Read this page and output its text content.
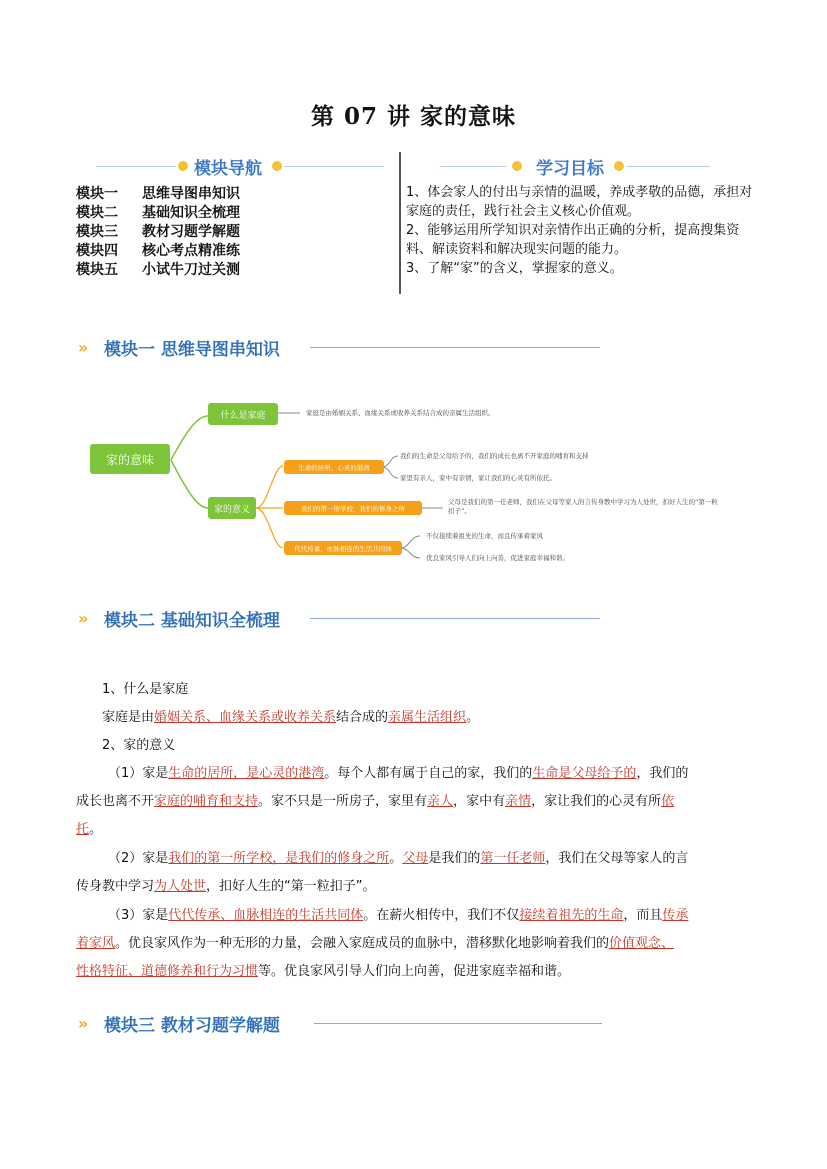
第 07 讲 家的意味
模块导航	学习目标
模块一 思维导图串知识
模块二 基础知识全梳理
模块三 教材习题学解题
模块四 核心考点精准练
模块五 小试牛刀过关测
1、体会家人的付出与亲情的温暖，养成孝敬的品德，承担对家庭的责任，践行社会主义核心价值观。
2、能够运用所学知识对亲情作出正确的分析，提高搜集资料、解读资料和解决现实问题的能力。
3、了解“家”的含义，掌握家的意义。
» 模块一 思维导图串知识
家的意味
什么是家庭	家庭是由婚姻关系、血缘关系或收养关系结合成的亲属生活组织。
家的意义
生命的居所、心灵的港湾
我们的生命是父母给予的，我们的成长也离不开家庭的哺育和支持
家里有亲人，家中有亲情，家让我们的心灵有所依托。
我们的第一所学校，我们的修身之所
父母是我们的第一任老师，我们在父母等家人的言传身教中学习为人处世，扣好人生的“第一粒扣子”。
代代传承、血脉相连的生活共同体
不仅接续着祖先的生命，而且传承着家风
优良家风引导人们向上向善，促进家庭幸福和谐。
» 模块二 基础知识全梳理
1、什么是家庭
家庭是由婚姻关系、血缘关系或收养关系结合成的亲属生活组织。
2、家的意义
（1）家是生命的居所，是心灵的港湾。每个人都有属于自己的家，我们的生命是父母给予的，我们的
成长也离不开家庭的哺育和支持。家不只是一所房子，家里有亲人，家中有亲情，家让我们的心灵有所依
托。
（2）家是我们的第一所学校，是我们的修身之所。父母是我们的第一任老师，我们在父母等家人的言
传身教中学习为人处世，扣好人生的“第一粒扣子”。
（3）家是代代传承、血脉相连的生活共同体。在薪火相传中，我们不仅接续着祖先的生命，而且传承
着家风。优良家风作为一种无形的力量，会融入家庭成员的血脉中，潜移默化地影响着我们的价值观念、
性格特征、道德修养和行为习惯等。优良家风引导人们向上向善，促进家庭幸福和谐。
» 模块三 教材习题学解题
